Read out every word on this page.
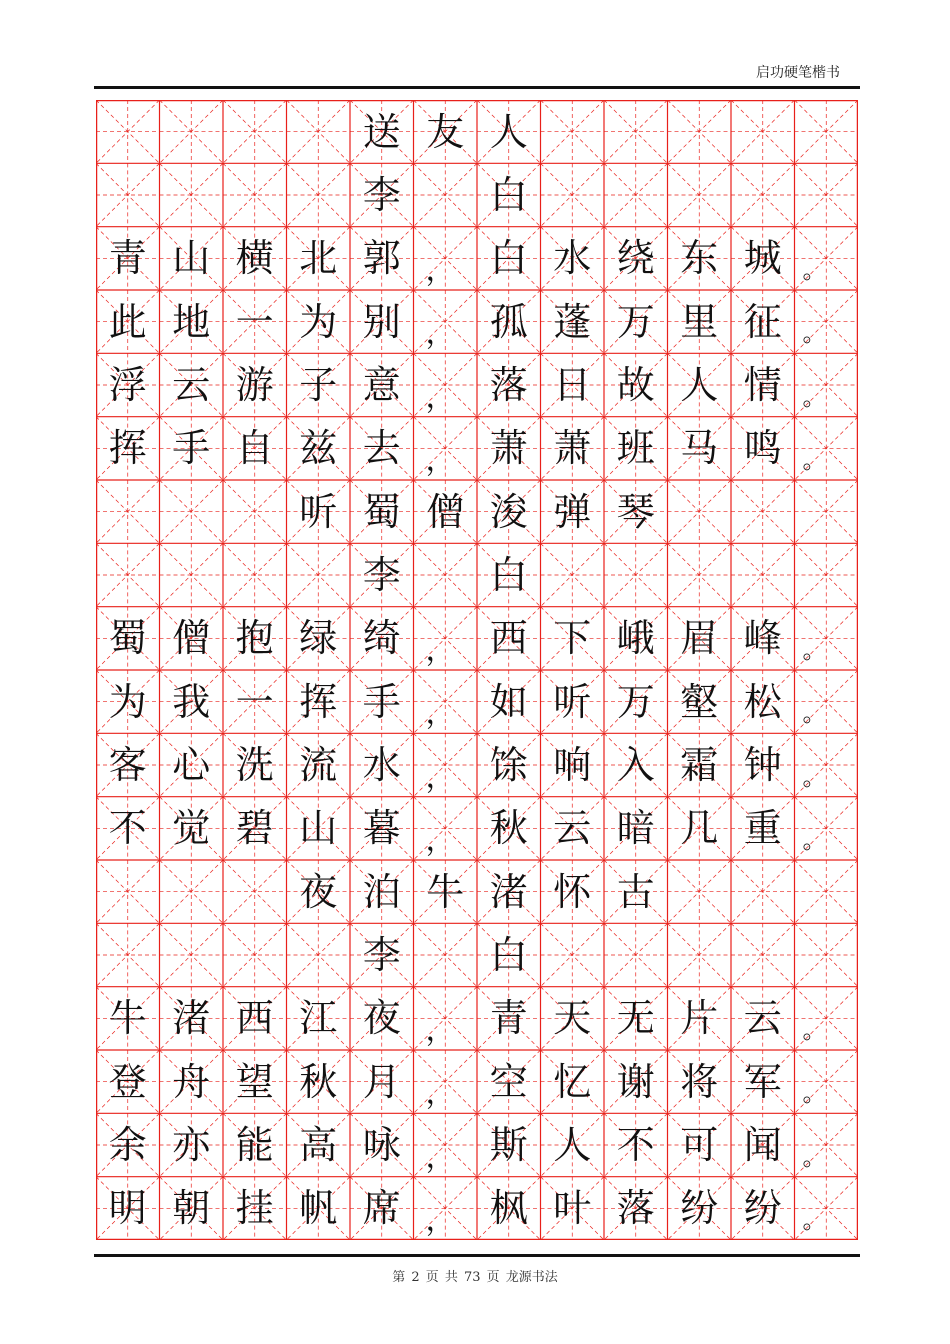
启功硬笔楷书
送 友 人
李	白
青 山 横 北 郭 ， 白 水 绕 东 城 。
此 地 一 为 别 ， 孤 蓬 万 里 征 。
浮 云 游 子 意 ， 落 日 故 人 情 。
挥 手 自 兹 去 ， 萧 萧 班 马 鸣 。
听 蜀 僧 浚 弹 琴
李	白
蜀 僧 抱 绿 绮 ， 西 下 峨 眉 峰 。
为 我 一 挥 手 ， 如 听 万 壑 松 。
客 心 洗 流 水 ， 馀 响 入 霜 钟 。
不 觉 碧 山 暮 ， 秋 云 暗 几 重 。
夜 泊 牛 渚 怀 古
李	白
牛 渚 西 江 夜 ， 青 天 无 片 云 。
登 舟 望 秋 月 ， 空 忆 谢 将 军 。
余 亦 能 高 咏 ， 斯 人 不 可 闻 。
明 朝 挂 帆 席 ， 枫 叶 落 纷 纷 。
第 2 页 共 73 页 龙源书法
